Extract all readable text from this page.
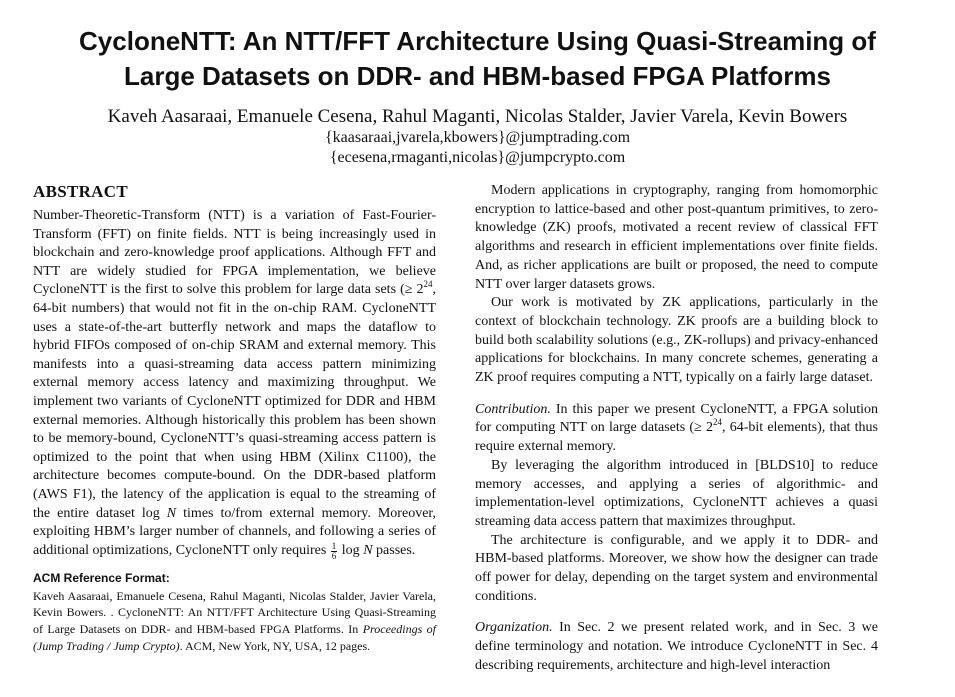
CycloneNTT: An NTT/FFT Architecture Using Quasi-Streaming of
Large Datasets on DDR- and HBM-based FPGA Platforms

Kaveh Aasaraai, Emanuele Cesena, Rahul Maganti, Nicolas Stalder, Javier Varela, Kevin Bowers

{kaasaraai,jvarela,kbowers}@jumptrading.com

{ecesena,rmaganti,nicolas}@jumpcrypto.com

ABSTRACT

Number-Theoretic-Transform (NTT) is a variation of Fast-Fourier-Transform (FFT) on finite fields. NTT is being increasingly used in blockchain and zero-knowledge proof applications. Although FFT and NTT are widely studied for FPGA implementation, we believe CycloneNTT is the first to solve this problem for large data sets (≥ $2^{24}$, 64-bit numbers) that would not fit in the on-chip RAM. CycloneNTT uses a state-of-the-art butterfly network and maps the dataflow to hybrid FIFOs composed of on-chip SRAM and external memory. This manifests into a quasi-streaming data access pattern minimizing external memory access latency and maximizing throughput. We implement two variants of CycloneNTT optimized for DDR and HBM external memories. Although historically this problem has been shown to be memory-bound, CycloneNTT’s quasi-streaming access pattern is optimized to the point that when using HBM (Xilinx C1100), the architecture becomes compute-bound. On the DDR-based platform (AWS F1), the latency of the application is equal to the streaming of the entire dataset log N times to/from external memory. Moreover, exploiting HBM’s larger number of channels, and following a series of additional optimizations, CycloneNTT only requires $\frac{1}{6}$ log N passes.

ACM Reference Format:

Kaveh Aasaraai, Emanuele Cesena, Rahul Maganti, Nicolas Stalder, Javier Varela, Kevin Bowers. . CycloneNTT: An NTT/FFT Architecture Using Quasi-Streaming of Large Datasets on DDR- and HBM-based FPGA Platforms. In Proceedings of (Jump Trading / Jump Crypto). ACM, New York, NY, USA, 12 pages.

Modern applications in cryptography, ranging from homomorphic encryption to lattice-based and other post-quantum primitives, to zero-knowledge (ZK) proofs, motivated a recent review of classical FFT algorithms and research in efficient implementations over finite fields. And, as richer applications are built or proposed, the need to compute NTT over larger datasets grows.

Our work is motivated by ZK applications, particularly in the context of blockchain technology. ZK proofs are a building block to build both scalability solutions (e.g., ZK-rollups) and privacy-enhanced applications for blockchains. In many concrete schemes, generating a ZK proof requires computing a NTT, typically on a fairly large dataset.

Contribution. In this paper we present CycloneNTT, a FPGA solution for computing NTT on large datasets (≥ $2^{24}$, 64-bit elements), that thus require external memory.

By leveraging the algorithm introduced in [BLDS10] to reduce memory accesses, and applying a series of algorithmic- and implementation-level optimizations, CycloneNTT achieves a quasi streaming data access pattern that maximizes throughput.

The architecture is configurable, and we apply it to DDR- and HBM-based platforms. Moreover, we show how the designer can trade off power for delay, depending on the target system and environmental conditions.

Organization. In Sec. 2 we present related work, and in Sec. 3 we define terminology and notation. We introduce CycloneNTT in Sec. 4 describing requirements, architecture and high-level interaction
